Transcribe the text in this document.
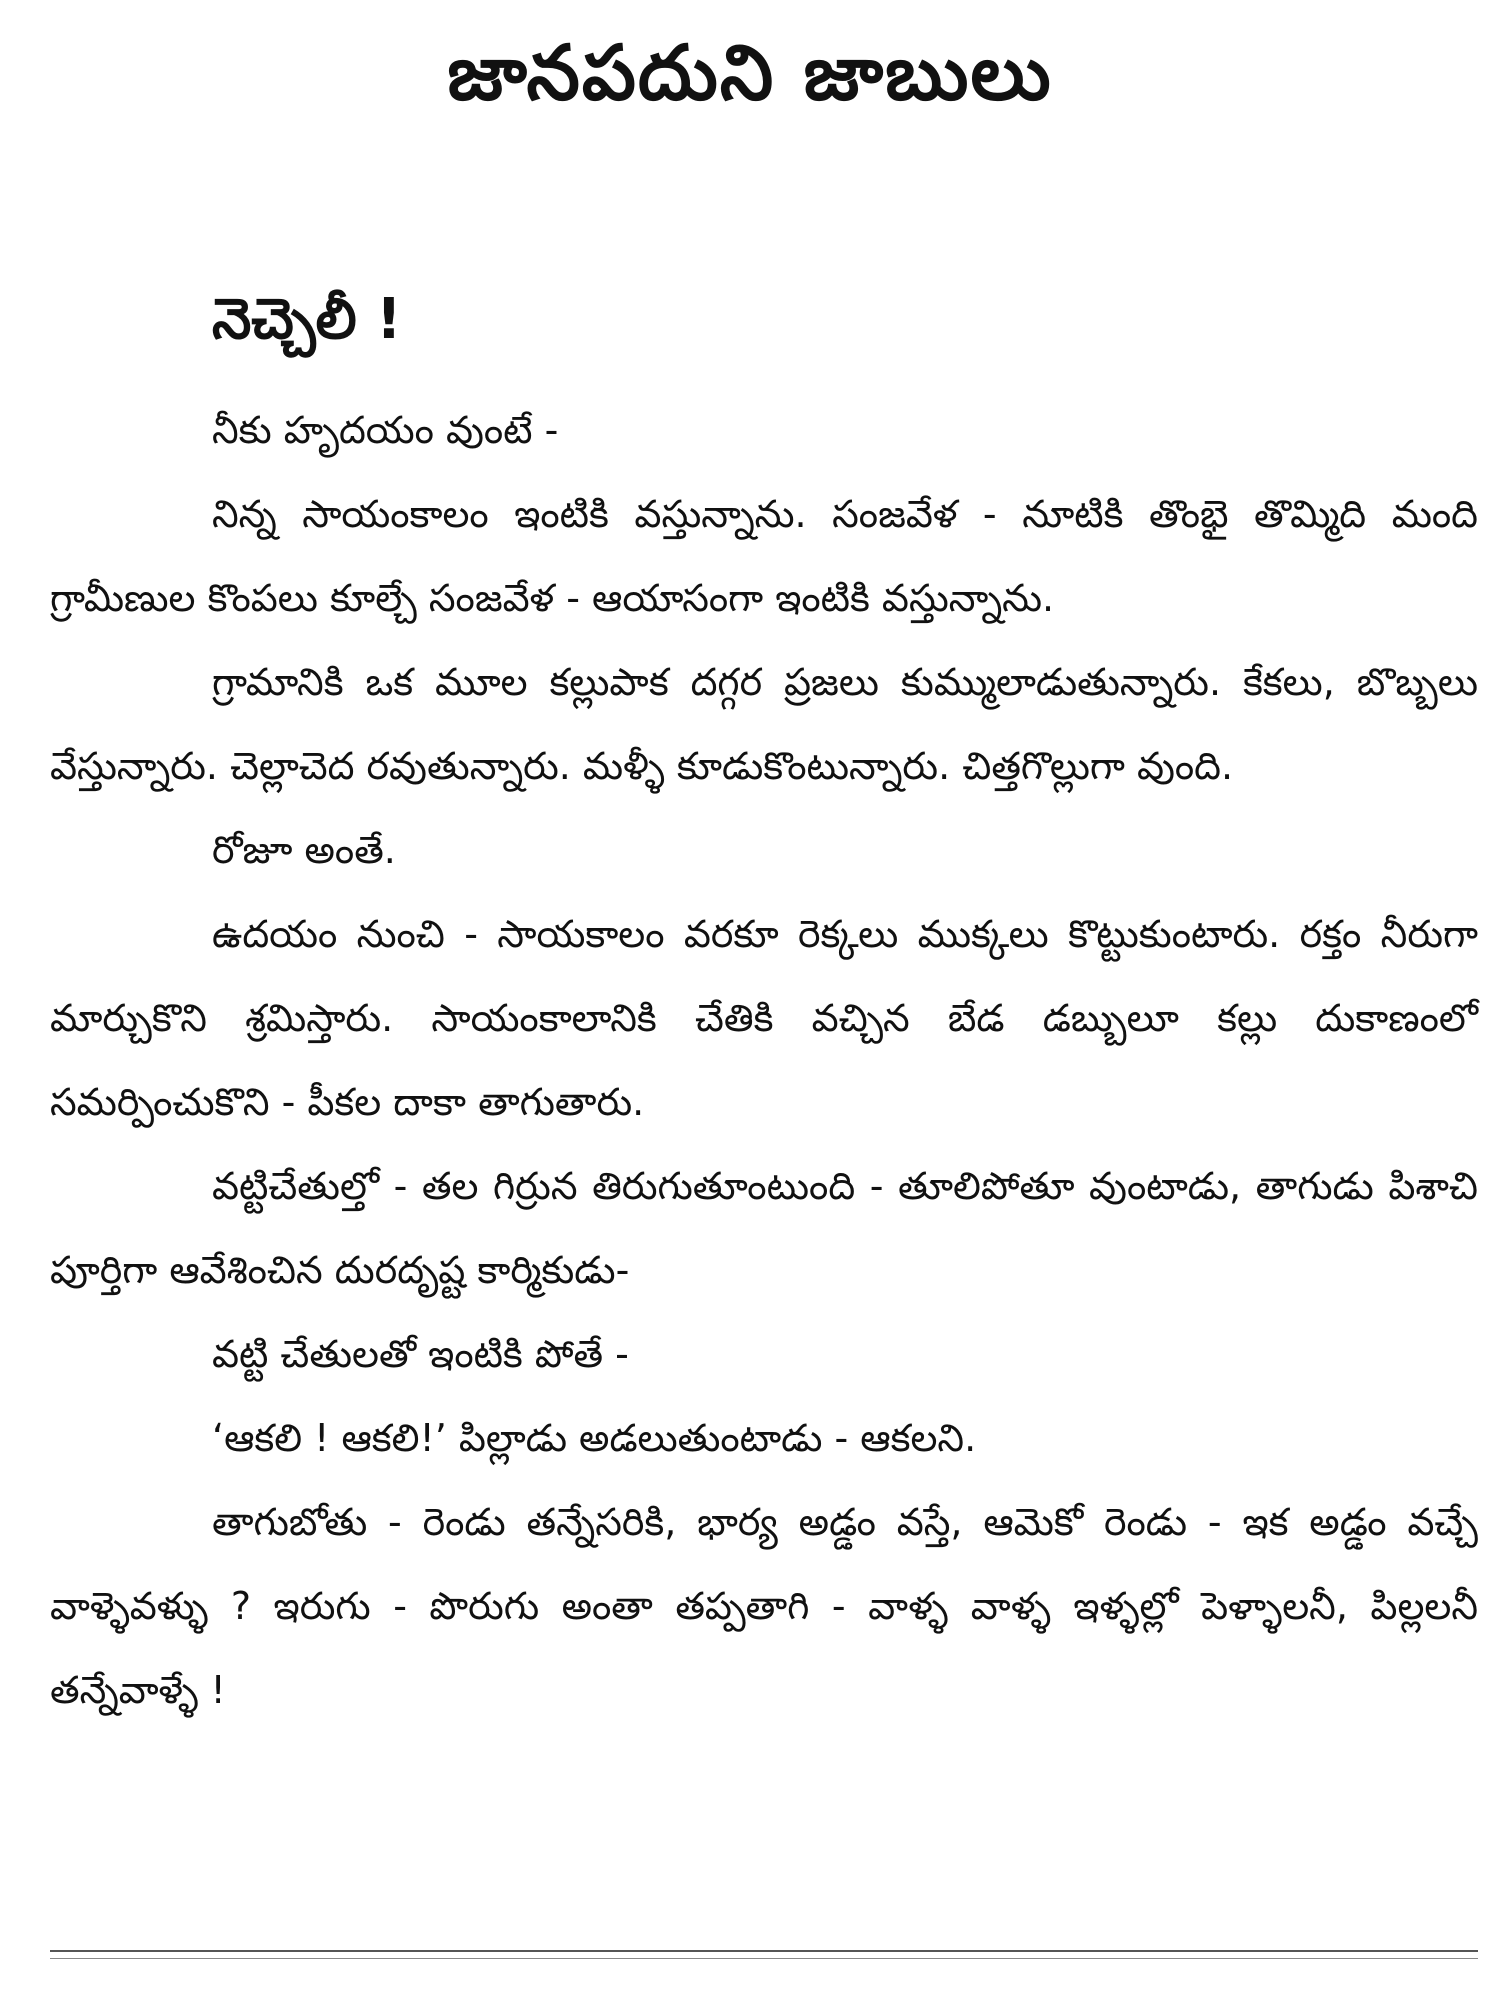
జానపదుని జాబులు
నెచ్చెలీ !

నీకు హృదయం వుంటే -

నిన్న సాయంకాలం ఇంటికి వస్తున్నాను. సంజవేళ - నూటికి తొంభై తొమ్మిది మంది గ్రామీణుల కొంపలు కూల్చే సంజవేళ - ఆయాసంగా ఇంటికి వస్తున్నాను.

గ్రామానికి ఒక మూల కల్లుపాక దగ్గర ప్రజలు కుమ్ములాడుతున్నారు. కేకలు, బొబ్బలు వేస్తున్నారు. చెల్లాచెద రవుతున్నారు. మళ్ళీ కూడుకొంటున్నారు. చిత్తగొల్లుగా వుంది.

రోజూ అంతే.

ఉదయం నుంచి - సాయకాలం వరకూ రెక్కలు ముక్కలు కొట్టుకుంటారు. రక్తం నీరుగా మార్చుకొని శ్రమిస్తారు. సాయంకాలానికి చేతికి వచ్చిన బేడ డబ్బులూ కల్లు దుకాణంలో సమర్పించుకొని - పీకల దాకా తాగుతారు.

వట్టిచేతుల్తో - తల గిర్రున తిరుగుతూంటుంది - తూలిపోతూ వుంటాడు, తాగుడు పిశాచి పూర్తిగా ఆవేశించిన దురదృష్ట కార్మికుడు-

వట్టి చేతులతో ఇంటికి పోతే -

‘ఆకలి ! ఆకలి!’ పిల్లాడు అడలుతుంటాడు - ఆకలని.

తాగుబోతు - రెండు తన్నేసరికి, భార్య అడ్డం వస్తే, ఆమెకో రెండు - ఇక అడ్డం వచ్చే వాళ్ళెవళ్ళు ? ఇరుగు - పొరుగు అంతా తప్పతాగి - వాళ్ళ వాళ్ళ ఇళ్ళల్లో పెళ్ళాలనీ, పిల్లలనీ తన్నేవాళ్ళే !
